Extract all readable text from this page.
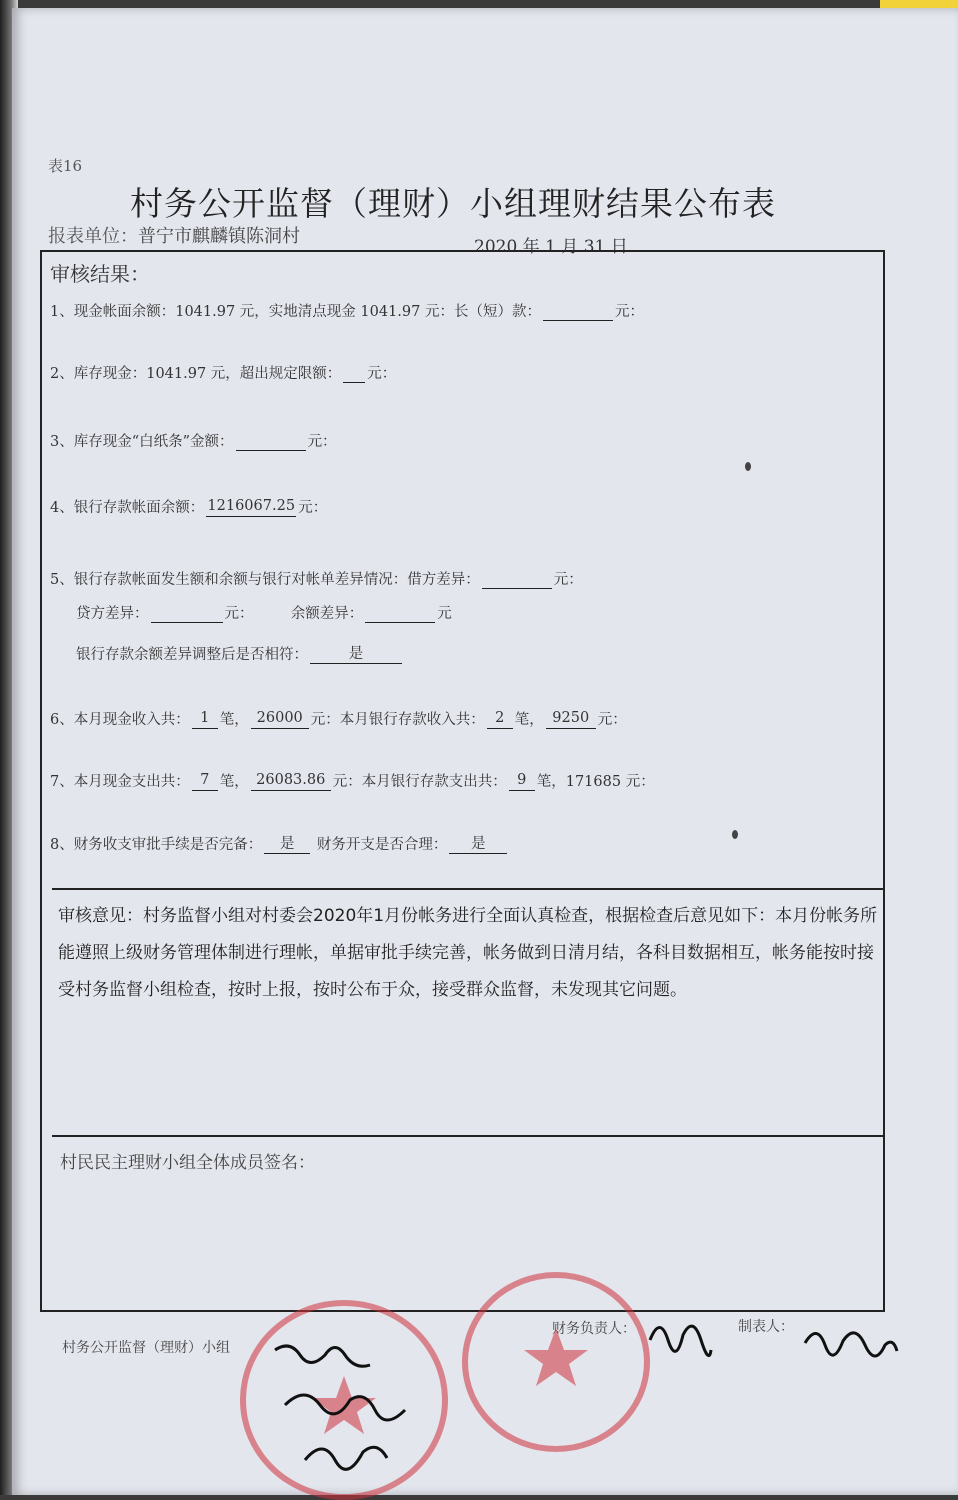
表16
村务公开监督（理财）小组理财结果公布表
报表单位：普宁市麒麟镇陈洞村	2020 年 1 月 31 日
审核结果：
1、现金帐面余额：1041.97 元，实地清点现金 1041.97 元：长（短）款：	元：
2、库存现金：1041.97 元，超出规定限额： 元：
3、库存现金“白纸条”金额：	元：
4、银行存款帐面余额： 1216067.25 元：
5、银行存款帐面发生额和余额与银行对帐单差异情况：借方差异：	元：
贷方差异：	元：	余额差异：	元
银行存款余额差异调整后是否相符：	是
6、本月现金收入共： 1 笔， 26000 元：本月银行存款收入共： 2 笔， 9250 元：
7、本月现金支出共： 7 笔， 26083.86 元：本月银行存款支出共： 9 笔，171685 元：
8、财务收支审批手续是否完备： 是 财务开支是否合理： 是
审核意见：村务监督小组对村委会2020年1月份帐务进行全面认真检查，根据检查后意见如下：本月份帐务所能遵照上级财务管理体制进行理帐，单据审批手续完善，帐务做到日清月结，各科目数据相互，帐务能按时接受村务监督小组检查，按时上报，按时公布于众，接受群众监督，未发现其它问题。
村民民主理财小组全体成员签名：
村务公开监督（理财）小组
财务负责人：	制表人：
